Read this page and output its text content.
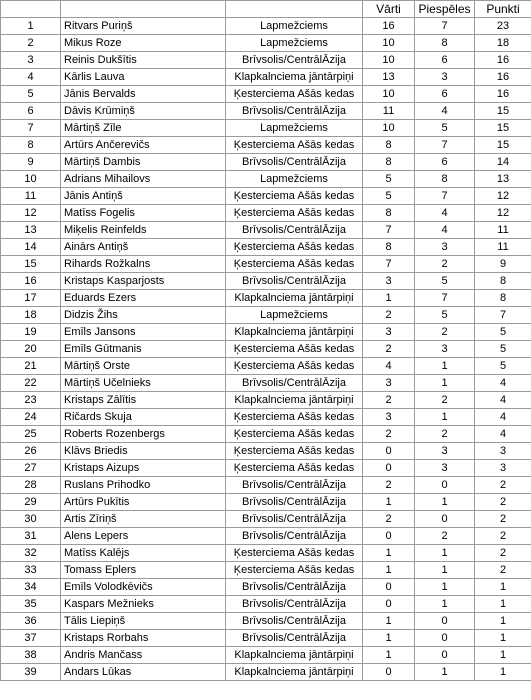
			Vārti	Piespēles	Punkti
1	Ritvars Puriņš	Lapmežciems	16	7	23
2	Mikus Roze	Lapmežciems	10	8	18
3	Reinis Dukšītis	Brīvsolis/CentrālĀzija	10	6	16
4	Kārlis Lauva	Klapkalnciema jāntārpiņi	13	3	16
5	Jānis Bervalds	Ķesterciema Ašās kedas	10	6	16
6	Dāvis Krūmiņš	Brīvsolis/CentrālĀzija	11	4	15
7	Mārtiņš Zīle	Lapmežciems	10	5	15
8	Artūrs Ančerevičs	Ķesterciema Ašās kedas	8	7	15
9	Mārtiņš Dambis	Brīvsolis/CentrālĀzija	8	6	14
10	Adrians Mihailovs	Lapmežciems	5	8	13
11	Jānis Antiņš	Ķesterciema Ašās kedas	5	7	12
12	Matīss Fogelis	Ķesterciema Ašās kedas	8	4	12
13	Miķelis Reinfelds	Brīvsolis/CentrālĀzija	7	4	11
14	Ainārs Antiņš	Ķesterciema Ašās kedas	8	3	11
15	Rihards Rožkalns	Ķesterciema Ašās kedas	7	2	9
16	Kristaps Kasparjosts	Brīvsolis/CentrālĀzija	3	5	8
17	Eduards Ezers	Klapkalnciema jāntārpiņi	1	7	8
18	Didzis Žihs	Lapmežciems	2	5	7
19	Emīls Jansons	Klapkalnciema jāntārpiņi	3	2	5
20	Emīls Gūtmanis	Ķesterciema Ašās kedas	2	3	5
21	Mārtiņš Orste	Ķesterciema Ašās kedas	4	1	5
22	Mārtiņš Učelnieks	Brīvsolis/CentrālĀzija	3	1	4
23	Kristaps Zālītis	Klapkalnciema jāntārpiņi	2	2	4
24	Ričards Skuja	Ķesterciema Ašās kedas	3	1	4
25	Roberts Rozenbergs	Ķesterciema Ašās kedas	2	2	4
26	Klāvs Briedis	Ķesterciema Ašās kedas	0	3	3
27	Kristaps Aizups	Ķesterciema Ašās kedas	0	3	3
28	Ruslans Prihodko	Brīvsolis/CentrālĀzija	2	0	2
29	Artūrs Pukītis	Brīvsolis/CentrālĀzija	1	1	2
30	Artis Zīriņš	Brīvsolis/CentrālĀzija	2	0	2
31	Alens Lepers	Brīvsolis/CentrālĀzija	0	2	2
32	Matīss Kalējs	Ķesterciema Ašās kedas	1	1	2
33	Tomass Eplers	Ķesterciema Ašās kedas	1	1	2
34	Emīls Volodkēvičs	Brīvsolis/CentrālĀzija	0	1	1
35	Kaspars Mežnieks	Brīvsolis/CentrālĀzija	0	1	1
36	Tālis Liepiņš	Brīvsolis/CentrālĀzija	1	0	1
37	Kristaps Rorbahs	Brīvsolis/CentrālĀzija	1	0	1
38	Andris Mančass	Klapkalnciema jāntārpiņi	1	0	1
39	Andars Lūkas	Klapkalnciema jāntārpiņi	0	1	1
